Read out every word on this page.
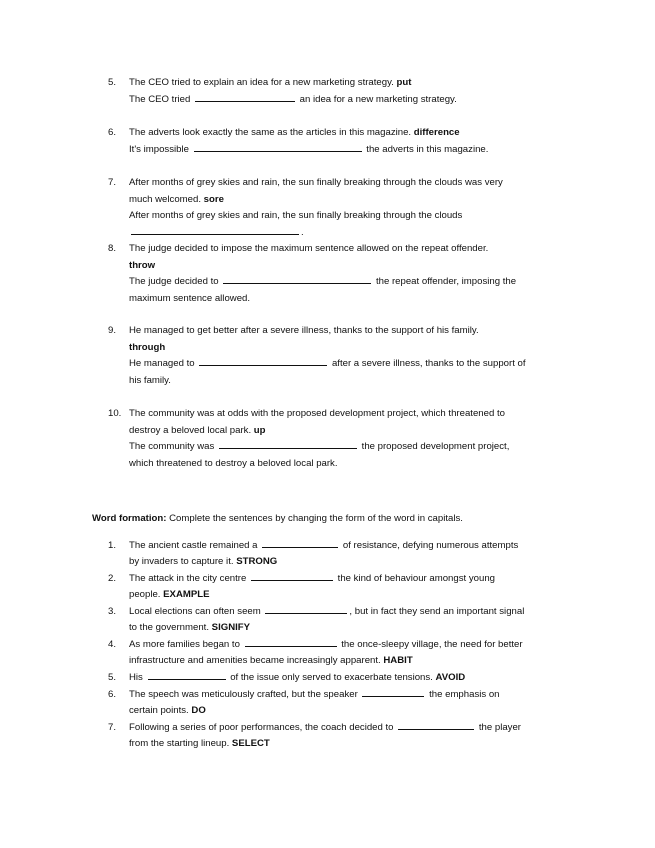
5.	The CEO tried to explain an idea for a new marketing strategy. put
The CEO tried	an idea for a new marketing strategy.
6.	The adverts look exactly the same as the articles in this magazine. difference
It's impossible	the adverts in this magazine.
7.	After months of grey skies and rain, the sun finally breaking through the clouds was very
much welcomed. sore
After months of grey skies and rain, the sun finally breaking through the clouds
.
8.	The judge decided to impose the maximum sentence allowed on the repeat offender.
throw
The judge decided to	the repeat offender, imposing the
maximum sentence allowed.
9.	He managed to get better after a severe illness, thanks to the support of his family.
through
He managed to	after a severe illness, thanks to the support of
his family.
10. The community was at odds with the proposed development project, which threatened to
destroy a beloved local park. up
The community was	the proposed development project,
which threatened to destroy a beloved local park.
Word formation: Complete the sentences by changing the form of the word in capitals.
1.	The ancient castle remained a	of resistance, defying numerous attempts
by invaders to capture it. STRONG
2.	The attack in the city centre	the kind of behaviour amongst young
people. EXAMPLE
3.	Local elections can often seem	, but in fact they send an important signal
to the government. SIGNIFY
4.	As more families began to	the once-sleepy village, the need for better
infrastructure and amenities became increasingly apparent. HABIT
5.	His	of the issue only served to exacerbate tensions. AVOID
6.	The speech was meticulously crafted, but the speaker	the emphasis on
certain points. DO
7.	Following a series of poor performances, the coach decided to	the player
from the starting lineup. SELECT
